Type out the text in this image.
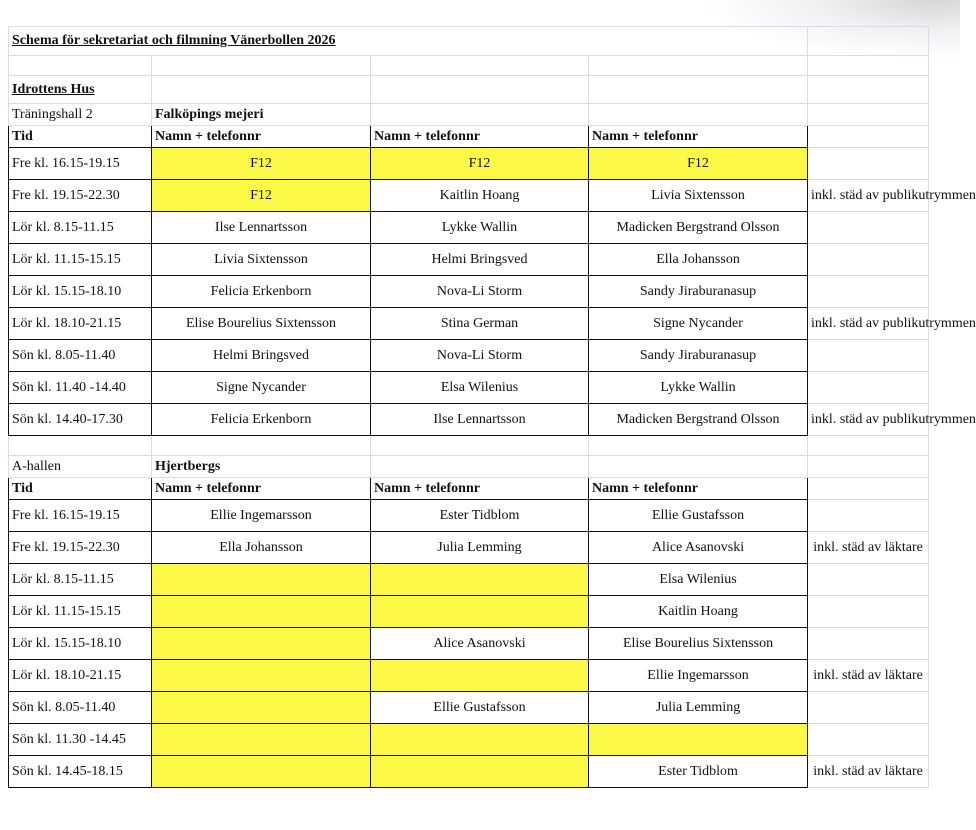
Schema för sekretariat och filmning Vänerbollen 2026				

Idrottens Hus				
Träningshall 2	Falköpings mejeri			
Tid	Namn + telefonnr	Namn + telefonnr	Namn + telefonnr	
Fre kl. 16.15-19.15	F12	F12	F12	
Fre kl. 19.15-22.30	F12	Kaitlin Hoang	Livia Sixtensson	inkl. städ av publikutrymmen
Lör kl. 8.15-11.15	Ilse Lennartsson	Lykke Wallin	Madicken Bergstrand Olsson	
Lör kl. 11.15-15.15	Livia Sixtensson	Helmi Bringsved	Ella Johansson	
Lör kl. 15.15-18.10	Felicia Erkenborn	Nova-Li Storm	Sandy Jiraburanasup	
Lör kl. 18.10-21.15	Elise Bourelius Sixtensson	Stina German	Signe Nycander	inkl. städ av publikutrymmen
Sön kl. 8.05-11.40	Helmi Bringsved	Nova-Li Storm	Sandy Jiraburanasup	
Sön kl. 11.40 -14.40	Signe Nycander	Elsa Wilenius	Lykke Wallin	
Sön kl. 14.40-17.30	Felicia Erkenborn	Ilse Lennartsson	Madicken Bergstrand Olsson	inkl. städ av publikutrymmen

A-hallen	Hjertbergs			
Tid	Namn + telefonnr	Namn + telefonnr	Namn + telefonnr	
Fre kl. 16.15-19.15	Ellie Ingemarsson	Ester Tidblom	Ellie Gustafsson	
Fre kl. 19.15-22.30	Ella Johansson	Julia Lemming	Alice Asanovski	inkl. städ av läktare
Lör kl. 8.15-11.15			Elsa Wilenius	
Lör kl. 11.15-15.15			Kaitlin Hoang	
Lör kl. 15.15-18.10		Alice Asanovski	Elise Bourelius Sixtensson	
Lör kl. 18.10-21.15			Ellie Ingemarsson	inkl. städ av läktare
Sön kl. 8.05-11.40		Ellie Gustafsson	Julia Lemming	
Sön kl. 11.30 -14.45				
Sön kl. 14.45-18.15			Ester Tidblom	inkl. städ av läktare
